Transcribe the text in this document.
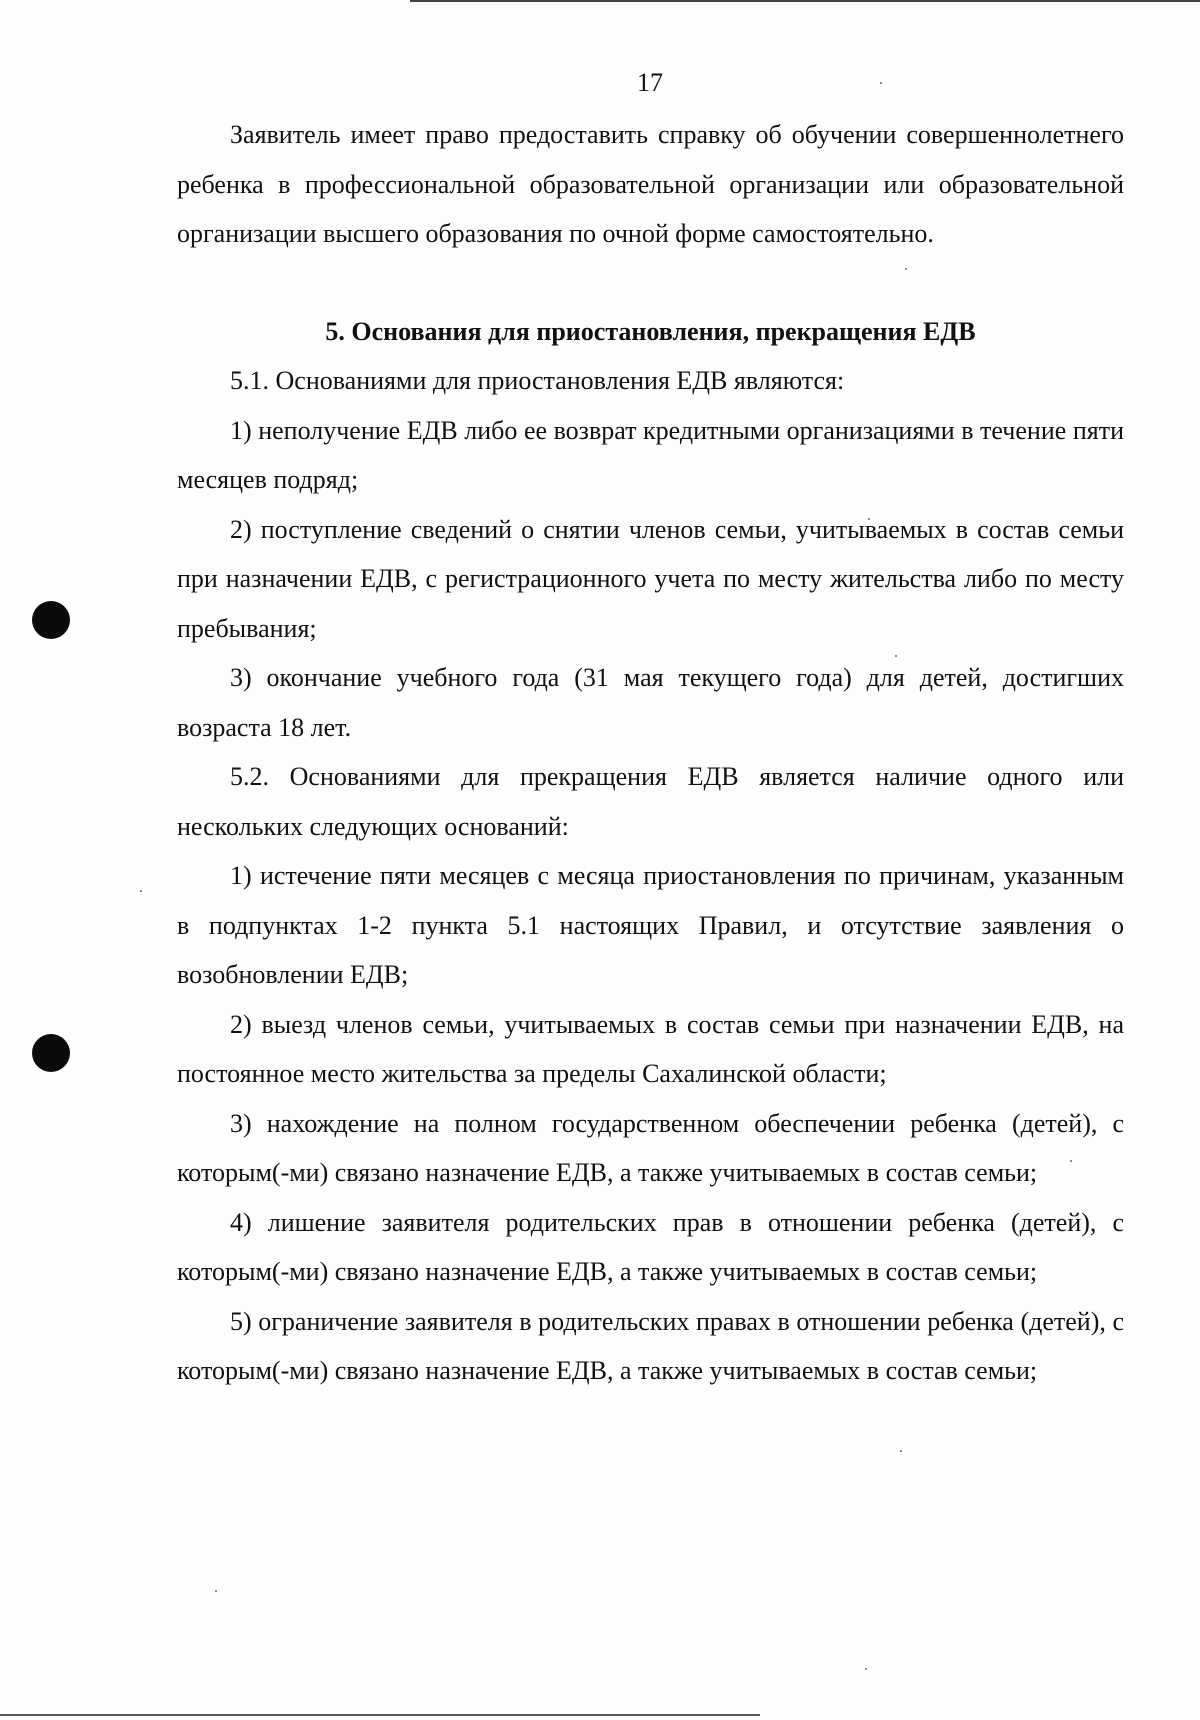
17

Заявитель имеет право предоставить справку об обучении совершеннолетнего ребенка в профессиональной образовательной организации или образовательной организации высшего образования по очной форме самостоятельно.

5. Основания для приостановления, прекращения ЕДВ

5.1. Основаниями для приостановления ЕДВ являются:

1) неполучение ЕДВ либо ее возврат кредитными организациями в течение пяти месяцев подряд;

2) поступление сведений о снятии членов семьи, учитываемых в состав семьи при назначении ЕДВ, с регистрационного учета по месту жительства либо по месту пребывания;

3) окончание учебного года (31 мая текущего года) для детей, достигших возраста 18 лет.

5.2. Основаниями для прекращения ЕДВ является наличие одного или нескольких следующих оснований:

1) истечение пяти месяцев с месяца приостановления по причинам, указанным в подпунктах 1-2 пункта 5.1 настоящих Правил, и отсутствие заявления о возобновлении ЕДВ;

2) выезд членов семьи, учитываемых в состав семьи при назначении ЕДВ, на постоянное место жительства за пределы Сахалинской области;

3) нахождение на полном государственном обеспечении ребенка (детей), с которым(-ми) связано назначение ЕДВ, а также учитываемых в состав семьи;

4) лишение заявителя родительских прав в отношении ребенка (детей), с которым(-ми) связано назначение ЕДВ, а также учитываемых в состав семьи;

5) ограничение заявителя в родительских правах в отношении ребенка (детей), с которым(-ми) связано назначение ЕДВ, а также учитываемых в состав семьи;
